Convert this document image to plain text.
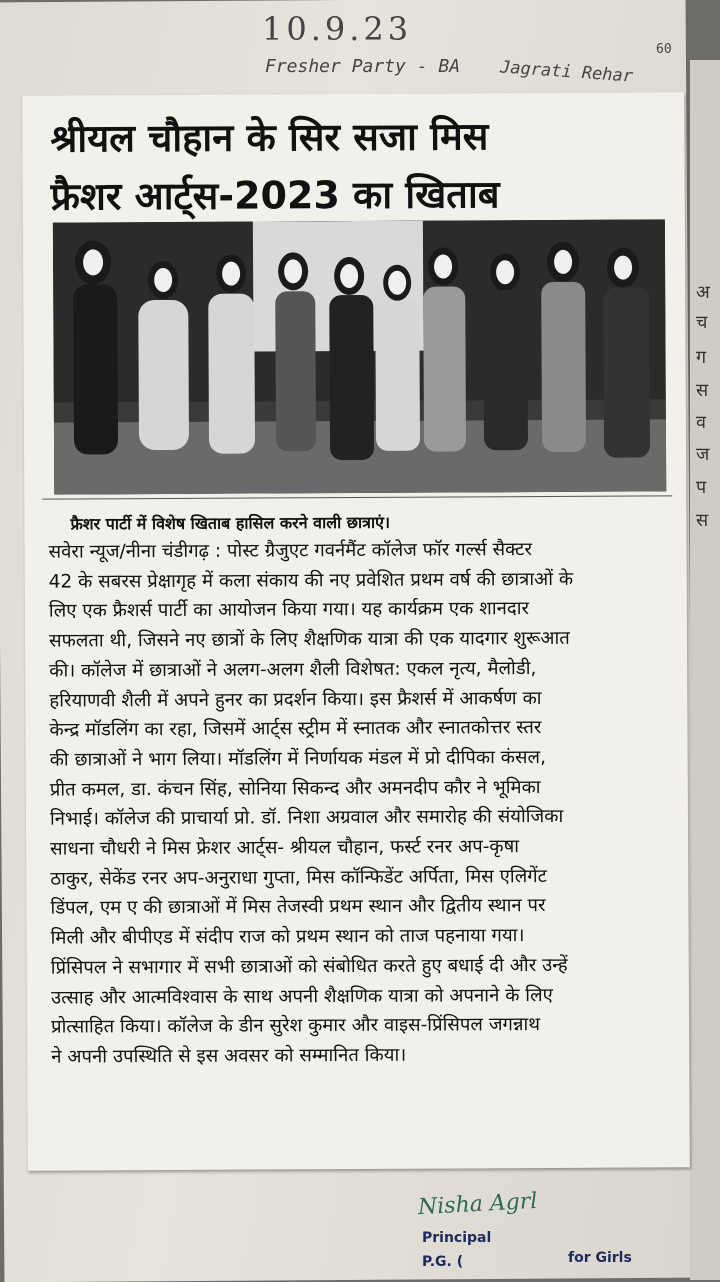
अ
च
ग
स
व
ज
प
स
10.9.23
Fresher Party - BA Jagrati Rehar
60
श्रीयल चौहान के सिर सजा मिस
फ्रैशर आर्ट्स-2023 का खिताब
फ्रैशर पार्टी में विशेष खिताब हासिल करने वाली छात्राएं।
सवेरा न्यूज/नीना चंडीगढ़ : पोस्ट ग्रैजुएट गवर्नमैंट कॉलेज फॉर गर्ल्स सैक्टर
42 के सबरस प्रेक्षागृह में कला संकाय की नए प्रवेशित प्रथम वर्ष की छात्राओं के
लिए एक फ्रैशर्स पार्टी का आयोजन किया गया। यह कार्यक्रम एक शानदार
सफलता थी, जिसने नए छात्रों के लिए शैक्षणिक यात्रा की एक यादगार शुरूआत
की। कॉलेज में छात्राओं ने अलग-अलग शैली विशेषत: एकल नृत्य, मैलोडी,
हरियाणवी शैली में अपने हुनर का प्रदर्शन किया। इस फ्रैशर्स में आकर्षण का
केन्द्र मॉडलिंग का रहा, जिसमें आर्ट्स स्ट्रीम में स्नातक और स्नातकोत्तर स्तर
की छात्राओं ने भाग लिया। मॉडलिंग में निर्णायक मंडल में प्रो दीपिका कंसल,
प्रीत कमल, डा. कंचन सिंह, सोनिया सिकन्द और अमनदीप कौर ने भूमिका
निभाई। कॉलेज की प्राचार्या प्रो. डॉ. निशा अग्रवाल और समारोह की संयोजिका
साधना चौधरी ने मिस फ्रेशर आर्ट्स- श्रीयल चौहान, फर्स्ट रनर अप-कृषा
ठाकुर, सेकेंड रनर अप-अनुराधा गुप्ता, मिस कॉन्फिडेंट अर्पिता, मिस एलिगेंट
डिंपल, एम ए की छात्राओं में मिस तेजस्वी प्रथम स्थान और द्वितीय स्थान पर
मिली और बीपीएड में संदीप राज को प्रथम स्थान को ताज पहनाया गया।
प्रिंसिपल ने सभागार में सभी छात्राओं को संबोधित करते हुए बधाई दी और उन्हें
उत्साह और आत्मविश्वास के साथ अपनी शैक्षणिक यात्रा को अपनाने के लिए
प्रोत्साहित किया। कॉलेज के डीन सुरेश कुमार और वाइस-प्रिंसिपल जगन्नाथ
ने अपनी उपस्थिति से इस अवसर को सम्मानित किया।
Nisha Agrl
Principal
P.G. (	for Girls
